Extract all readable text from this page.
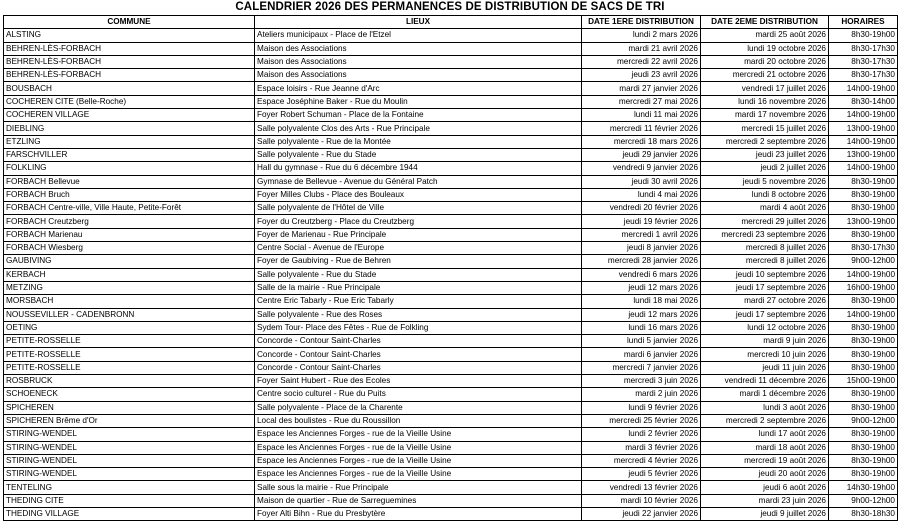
CALENDRIER 2026 DES PERMANENCES DE DISTRIBUTION DE SACS DE TRI
COMMUNE	LIEUX	DATE 1ERE DISTRIBUTION	DATE 2EME DISTRIBUTION	HORAIRES
ALSTING	Ateliers municipaux - Place de l'Etzel	lundi 2 mars 2026	mardi 25 août 2026	8h30-19h00
BEHREN-LÈS-FORBACH	Maison des Associations	mardi 21 avril 2026	lundi 19 octobre 2026	8h30-17h30
BEHREN-LÈS-FORBACH	Maison des Associations	mercredi 22 avril 2026	mardi 20 octobre 2026	8h30-17h30
BEHREN-LÈS-FORBACH	Maison des Associations	jeudi 23 avril 2026	mercredi 21 octobre 2026	8h30-17h30
BOUSBACH	Espace loisirs - Rue Jeanne d'Arc	mardi 27 janvier 2026	vendredi 17 juillet 2026	14h00-19h00
COCHEREN CITE (Belle-Roche)	Espace Joséphine Baker - Rue du Moulin	mercredi 27 mai 2026	lundi 16 novembre 2026	8h30-14h00
COCHEREN VILLAGE	Foyer Robert Schuman - Place de la Fontaine	lundi 11 mai 2026	mardi 17 novembre 2026	14h00-19h00
DIEBLING	Salle polyvalente Clos des Arts - Rue Principale	mercredi 11 février 2026	mercredi 15 juillet 2026	13h00-19h00
ETZLING	Salle polyvalente - Rue de la Montée	mercredi 18 mars 2026	mercredi 2 septembre 2026	14h00-19h00
FARSCHVILLER	Salle polyvalente - Rue du Stade	jeudi 29 janvier 2026	jeudi 23 juillet 2026	13h00-19h00
FOLKLING	Hall du gymnase - Rue du 6 décembre 1944	vendredi 9 janvier 2026	jeudi 2 juillet 2026	14h00-19h00
FORBACH Bellevue	Gymnase de Bellevue - Avenue du Général Patch	jeudi 30 avril 2026	jeudi 5 novembre 2026	8h30-19h00
FORBACH Bruch	Foyer Milles Clubs - Place des Bouleaux	lundi 4 mai 2026	lundi 8 octobre 2026	8h30-19h00
FORBACH Centre-ville, Ville Haute, Petite-Forêt	Salle polyvalente de l'Hôtel de Ville	vendredi 20 février 2026	mardi 4 août 2026	8h30-19h00
FORBACH Creutzberg	Foyer du Creutzberg - Place du Creutzberg	jeudi 19 février 2026	mercredi 29 juillet 2026	13h00-19h00
FORBACH Marienau	Foyer de Marienau - Rue Principale	mercredi 1 avril 2026	mercredi 23 septembre 2026	8h30-19h00
FORBACH Wiesberg	Centre Social - Avenue de l'Europe	jeudi 8 janvier 2026	mercredi 8 juillet 2026	8h30-17h30
GAUBIVING	Foyer de Gaubiving - Rue de Behren	mercredi 28 janvier 2026	mercredi 8 juillet 2026	9h00-12h00
KERBACH	Salle polyvalente - Rue du Stade	vendredi 6 mars 2026	jeudi 10 septembre 2026	14h00-19h00
METZING	Salle de la mairie - Rue Principale	jeudi 12 mars 2026	jeudi 17 septembre 2026	16h00-19h00
MORSBACH	Centre Eric Tabarly - Rue Eric Tabarly	lundi 18 mai 2026	mardi 27 octobre 2026	8h30-19h00
NOUSSEVILLER - CADENBRONN	Salle polyvalente - Rue des Roses	jeudi 12 mars 2026	jeudi 17 septembre 2026	14h00-19h00
OETING	Sydem Tour- Place des Fêtes - Rue de Folkling	lundi 16 mars 2026	lundi 12 octobre 2026	8h30-19h00
PETITE-ROSSELLE	Concorde - Contour Saint-Charles	lundi 5 janvier 2026	mardi 9 juin 2026	8h30-19h00
PETITE-ROSSELLE	Concorde - Contour Saint-Charles	mardi 6 janvier 2026	mercredi 10 juin 2026	8h30-19h00
PETITE-ROSSELLE	Concorde - Contour Saint-Charles	mercredi 7 janvier 2026	jeudi 11 juin 2026	8h30-19h00
ROSBRUCK	Foyer Saint Hubert - Rue des Ecoles	mercredi 3 juin 2026	vendredi 11 décembre 2026	15h00-19h00
SCHOENECK	Centre socio culturel - Rue du Puits	mardi 2 juin 2026	mardi 1 décembre 2026	8h30-19h00
SPICHEREN	Salle polyvalente - Place de la Charente	lundi 9 février 2026	lundi 3 août 2026	8h30-19h00
SPICHEREN Brême d'Or	Local des boulistes - Rue du Roussillon	mercredi 25 février 2026	mercredi 2 septembre 2026	9h00-12h00
STIRING-WENDEL	Espace les Anciennes Forges - rue de la Vieille Usine	lundi 2 février 2026	lundi 17 août 2026	8h30-19h00
STIRING-WENDEL	Espace les Anciennes Forges - rue de la Vieille Usine	mardi 3 février 2026	mardi 18 août 2026	8h30-19h00
STIRING-WENDEL	Espace les Anciennes Forges - rue de la Vieille Usine	mercredi 4 février 2026	mercredi 19 août 2026	8h30-19h00
STIRING-WENDEL	Espace les Anciennes Forges - rue de la Vieille Usine	jeudi 5 février 2026	jeudi 20 août 2026	8h30-19h00
TENTELING	Salle sous la mairie - Rue Principale	vendredi 13 février 2026	jeudi 6 août 2026	14h30-19h00
THEDING CITE	Maison de quartier - Rue de Sarreguemines	mardi 10 février 2026	mardi 23 juin 2026	9h00-12h00
THEDING VILLAGE	Foyer Alti Bihn - Rue du Presbytère	jeudi 22 janvier 2026	jeudi 9 juillet 2026	8h30-18h30
